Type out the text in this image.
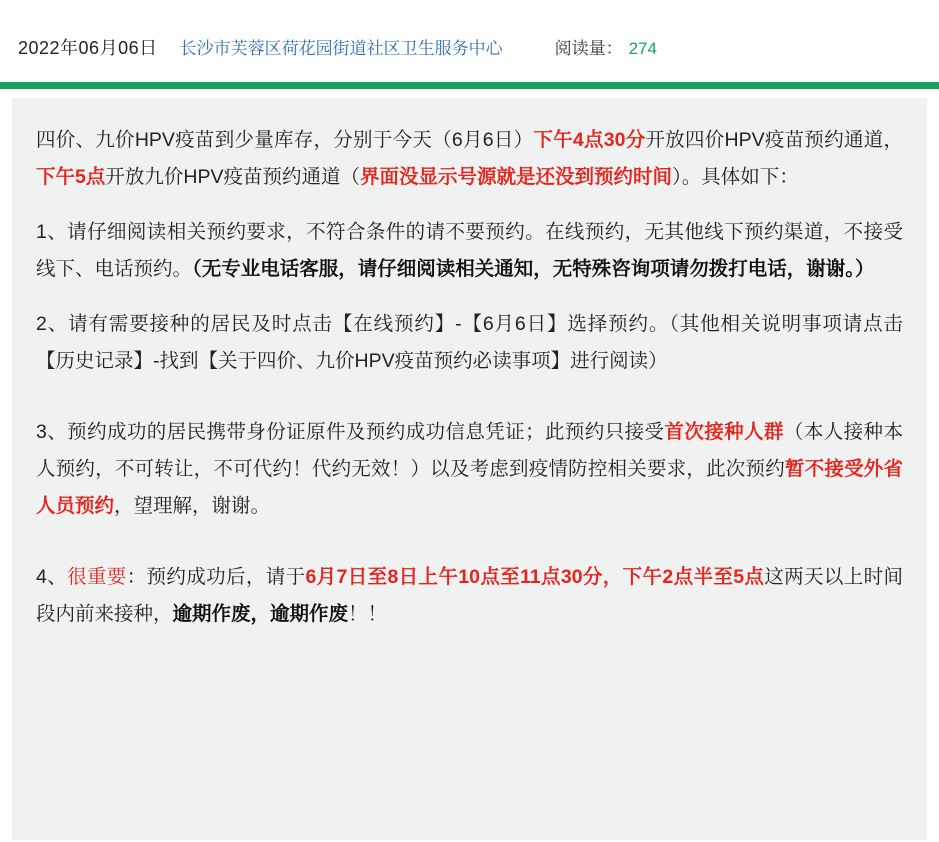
2022年06月06日 长沙市芙蓉区荷花园街道社区卫生服务中心	阅读量： 274

四价、九价HPV疫苗到少量库存，分别于今天（6月6日）下午4点30分开放四价HPV疫苗预约通道，下午5点开放九价HPV疫苗预约通道（界面没显示号源就是还没到预约时间）。具体如下：

1、请仔细阅读相关预约要求，不符合条件的请不要预约。在线预约，无其他线下预约渠道，不接受线下、电话预约。（无专业电话客服，请仔细阅读相关通知，无特殊咨询项请勿拨打电话，谢谢。）

2、请有需要接种的居民及时点击【在线预约】-【6月6日】选择预约。（其他相关说明事项请点击【历史记录】-找到【关于四价、九价HPV疫苗预约必读事项】进行阅读）

3、预约成功的居民携带身份证原件及预约成功信息凭证；此预约只接受首次接种人群（本人接种本人预约，不可转让，不可代约！代约无效！）以及考虑到疫情防控相关要求，此次预约暂不接受外省人员预约，望理解，谢谢。

4、很重要：预约成功后，请于6月7日至8日上午10点至11点30分，下午2点半至5点这两天以上时间段内前来接种，逾期作废，逾期作废！！
